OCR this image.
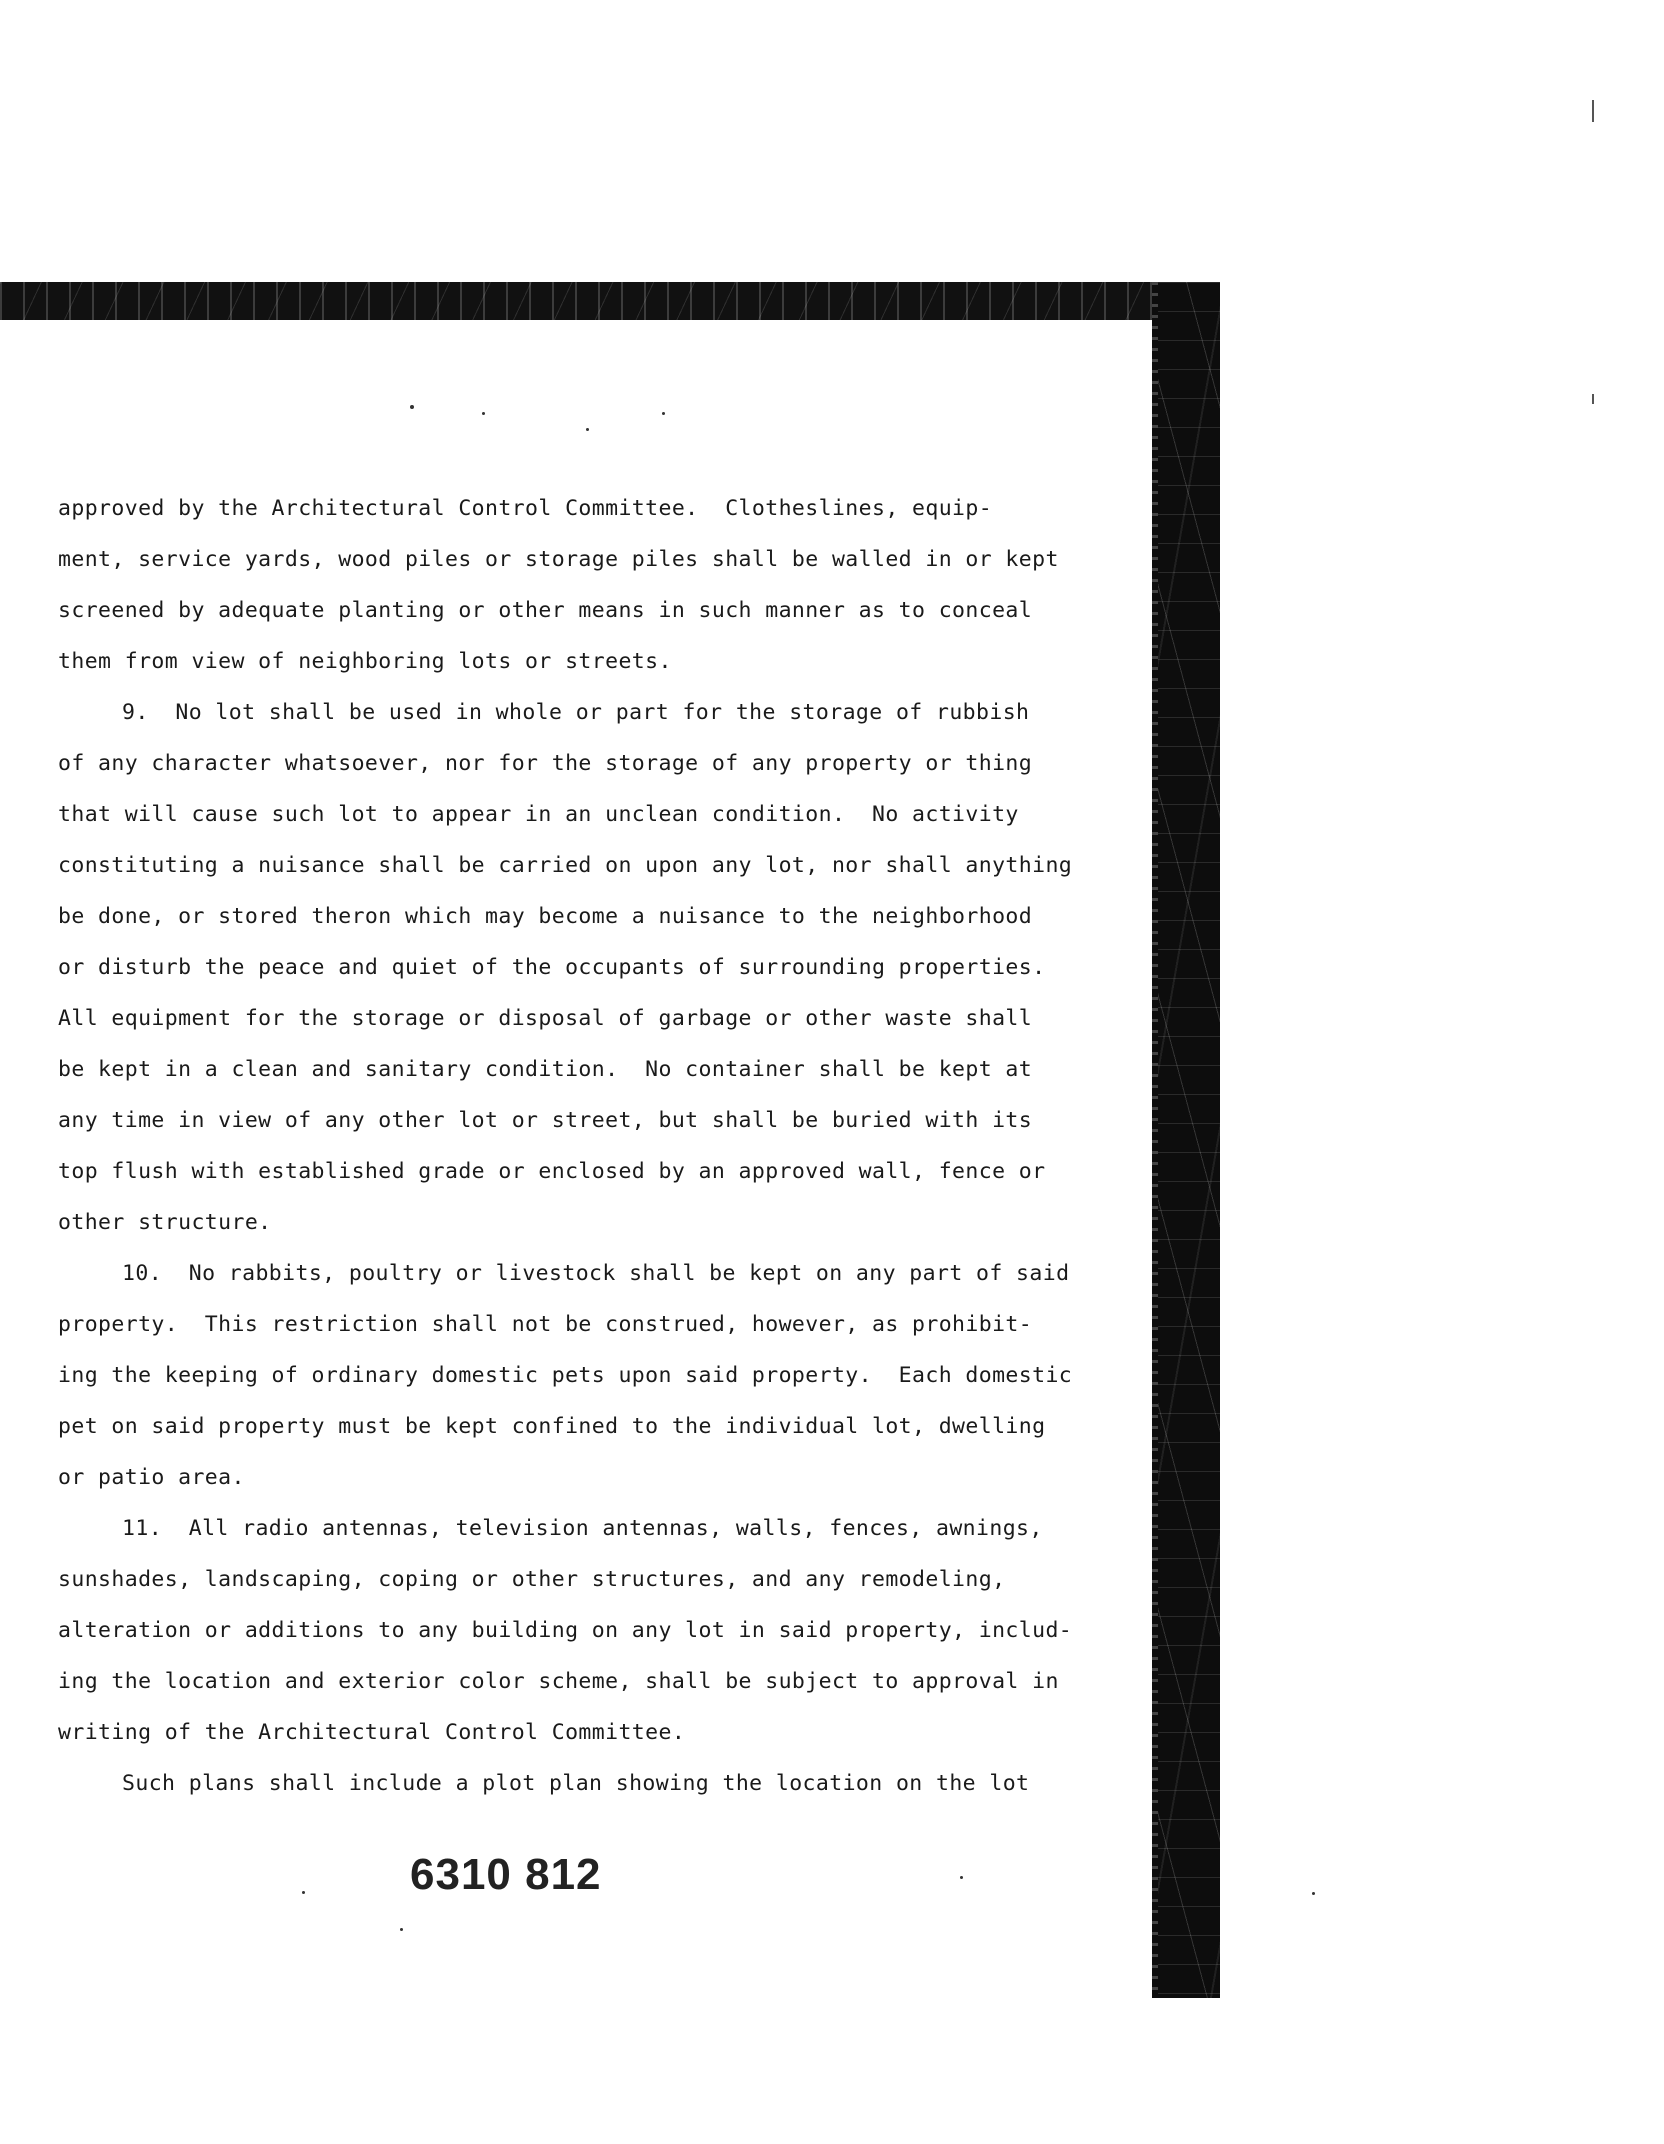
approved by the Architectural Control Committee.  Clotheslines, equip-
ment, service yards, wood piles or storage piles shall be walled in or kept
screened by adequate planting or other means in such manner as to conceal
them from view of neighboring lots or streets.
9.  No lot shall be used in whole or part for the storage of rubbish
of any character whatsoever, nor for the storage of any property or thing
that will cause such lot to appear in an unclean condition.  No activity
constituting a nuisance shall be carried on upon any lot, nor shall anything
be done, or stored theron which may become a nuisance to the neighborhood
or disturb the peace and quiet of the occupants of surrounding properties.
All equipment for the storage or disposal of garbage or other waste shall
be kept in a clean and sanitary condition.  No container shall be kept at
any time in view of any other lot or street, but shall be buried with its
top flush with established grade or enclosed by an approved wall, fence or
other structure.
10.  No rabbits, poultry or livestock shall be kept on any part of said
property.  This restriction shall not be construed, however, as prohibit-
ing the keeping of ordinary domestic pets upon said property.  Each domestic
pet on said property must be kept confined to the individual lot, dwelling
or patio area.
11.  All radio antennas, television antennas, walls, fences, awnings,
sunshades, landscaping, coping or other structures, and any remodeling,
alteration or additions to any building on any lot in said property, includ-
ing the location and exterior color scheme, shall be subject to approval in
writing of the Architectural Control Committee.
Such plans shall include a plot plan showing the location on the lot
6310 812
